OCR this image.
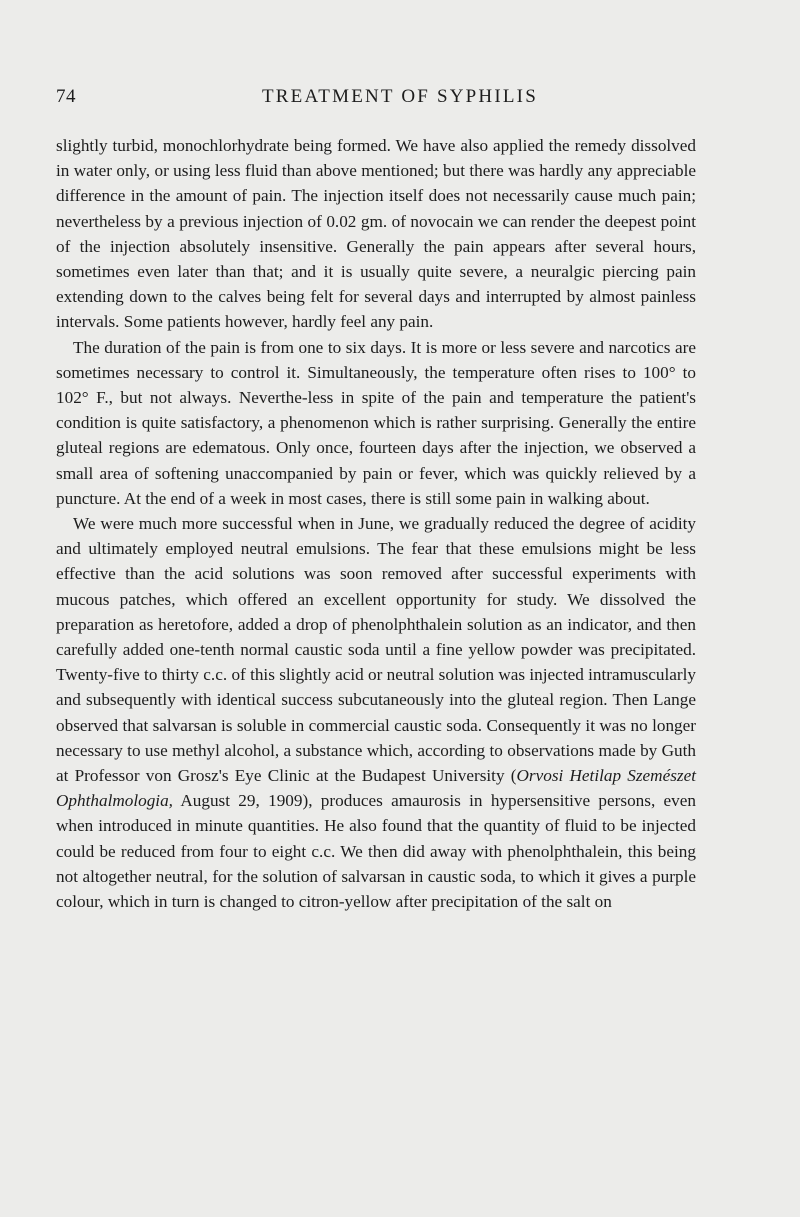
74	TREATMENT OF SYPHILIS

slightly turbid, monochlorhydrate being formed. We have also applied the remedy dissolved in water only, or using less fluid than above mentioned; but there was hardly any appreciable difference in the amount of pain. The injection itself does not necessarily cause much pain; nevertheless by a previous injection of 0.02 gm. of novocain we can render the deepest point of the injection absolutely insensitive. Generally the pain appears after several hours, sometimes even later than that; and it is usually quite severe, a neuralgic piercing pain extending down to the calves being felt for several days and interrupted by almost painless intervals. Some patients however, hardly feel any pain.

The duration of the pain is from one to six days. It is more or less severe and narcotics are sometimes necessary to control it. Simultaneously, the temperature often rises to 100° to 102° F., but not always. Neverthe-less in spite of the pain and temperature the patient's condition is quite satisfactory, a phenomenon which is rather surprising. Generally the entire gluteal regions are edematous. Only once, fourteen days after the injection, we observed a small area of softening unaccompanied by pain or fever, which was quickly relieved by a puncture. At the end of a week in most cases, there is still some pain in walking about.

We were much more successful when in June, we gradually reduced the degree of acidity and ultimately employed neutral emulsions. The fear that these emulsions might be less effective than the acid solutions was soon removed after successful experiments with mucous patches, which offered an excellent opportunity for study. We dissolved the preparation as heretofore, added a drop of phenolphthalein solution as an indicator, and then carefully added one-tenth normal caustic soda until a fine yellow powder was precipitated. Twenty-five to thirty c.c. of this slightly acid or neutral solution was injected intramuscularly and subsequently with identical success subcutaneously into the gluteal region. Then Lange observed that salvarsan is soluble in commercial caustic soda. Consequently it was no longer necessary to use methyl alcohol, a substance which, according to observations made by Guth at Professor von Grosz's Eye Clinic at the Budapest University (Orvosi Hetilap Szemészet Ophthalmologia, August 29, 1909), produces amaurosis in hypersensitive persons, even when introduced in minute quantities. He also found that the quantity of fluid to be injected could be reduced from four to eight c.c. We then did away with phenolphthalein, this being not altogether neutral, for the solution of salvarsan in caustic soda, to which it gives a purple colour, which in turn is changed to citron-yellow after precipitation of the salt on
